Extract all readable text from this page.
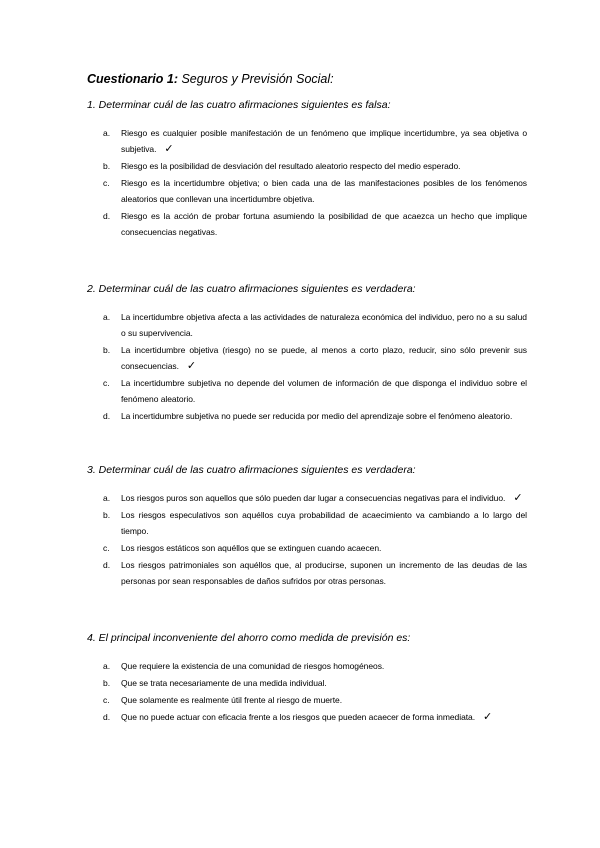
Cuestionario 1: Seguros y Previsión Social:
1. Determinar cuál de las cuatro afirmaciones siguientes es falsa:
a.	Riesgo es cualquier posible manifestación de un fenómeno que implique incertidumbre, ya sea objetiva o subjetiva. ✓
b.	Riesgo es la posibilidad de desviación del resultado aleatorio respecto del medio esperado.
c.	Riesgo es la incertidumbre objetiva; o bien cada una de las manifestaciones posibles de los fenómenos aleatorios que conllevan una incertidumbre objetiva.
d.	Riesgo es la acción de probar fortuna asumiendo la posibilidad de que acaezca un hecho que implique consecuencias negativas.
2. Determinar cuál de las cuatro afirmaciones siguientes es verdadera:
a.	La incertidumbre objetiva afecta a las actividades de naturaleza económica del individuo, pero no a su salud o su supervivencia.
b.	La incertidumbre objetiva (riesgo) no se puede, al menos a corto plazo, reducir, sino sólo prevenir sus consecuencias. ✓
c.	La incertidumbre subjetiva no depende del volumen de información de que disponga el individuo sobre el fenómeno aleatorio.
d.	La incertidumbre subjetiva no puede ser reducida por medio del aprendizaje sobre el fenómeno aleatorio.
3. Determinar cuál de las cuatro afirmaciones siguientes es verdadera:
a.	Los riesgos puros son aquellos que sólo pueden dar lugar a consecuencias negativas para el individuo. ✓
b.	Los riesgos especulativos son aquéllos cuya probabilidad de acaecimiento va cambiando a lo largo del tiempo.
c.	Los riesgos estáticos son aquéllos que se extinguen cuando acaecen.
d.	Los riesgos patrimoniales son aquéllos que, al producirse, suponen un incremento de las deudas de las personas por sean responsables de daños sufridos por otras personas.
4. El principal inconveniente del ahorro como medida de previsión es:
a.	Que requiere la existencia de una comunidad de riesgos homogéneos.
b.	Que se trata necesariamente de una medida individual.
c.	Que solamente es realmente útil frente al riesgo de muerte.
d.	Que no puede actuar con eficacia frente a los riesgos que pueden acaecer de forma inmediata. ✓
